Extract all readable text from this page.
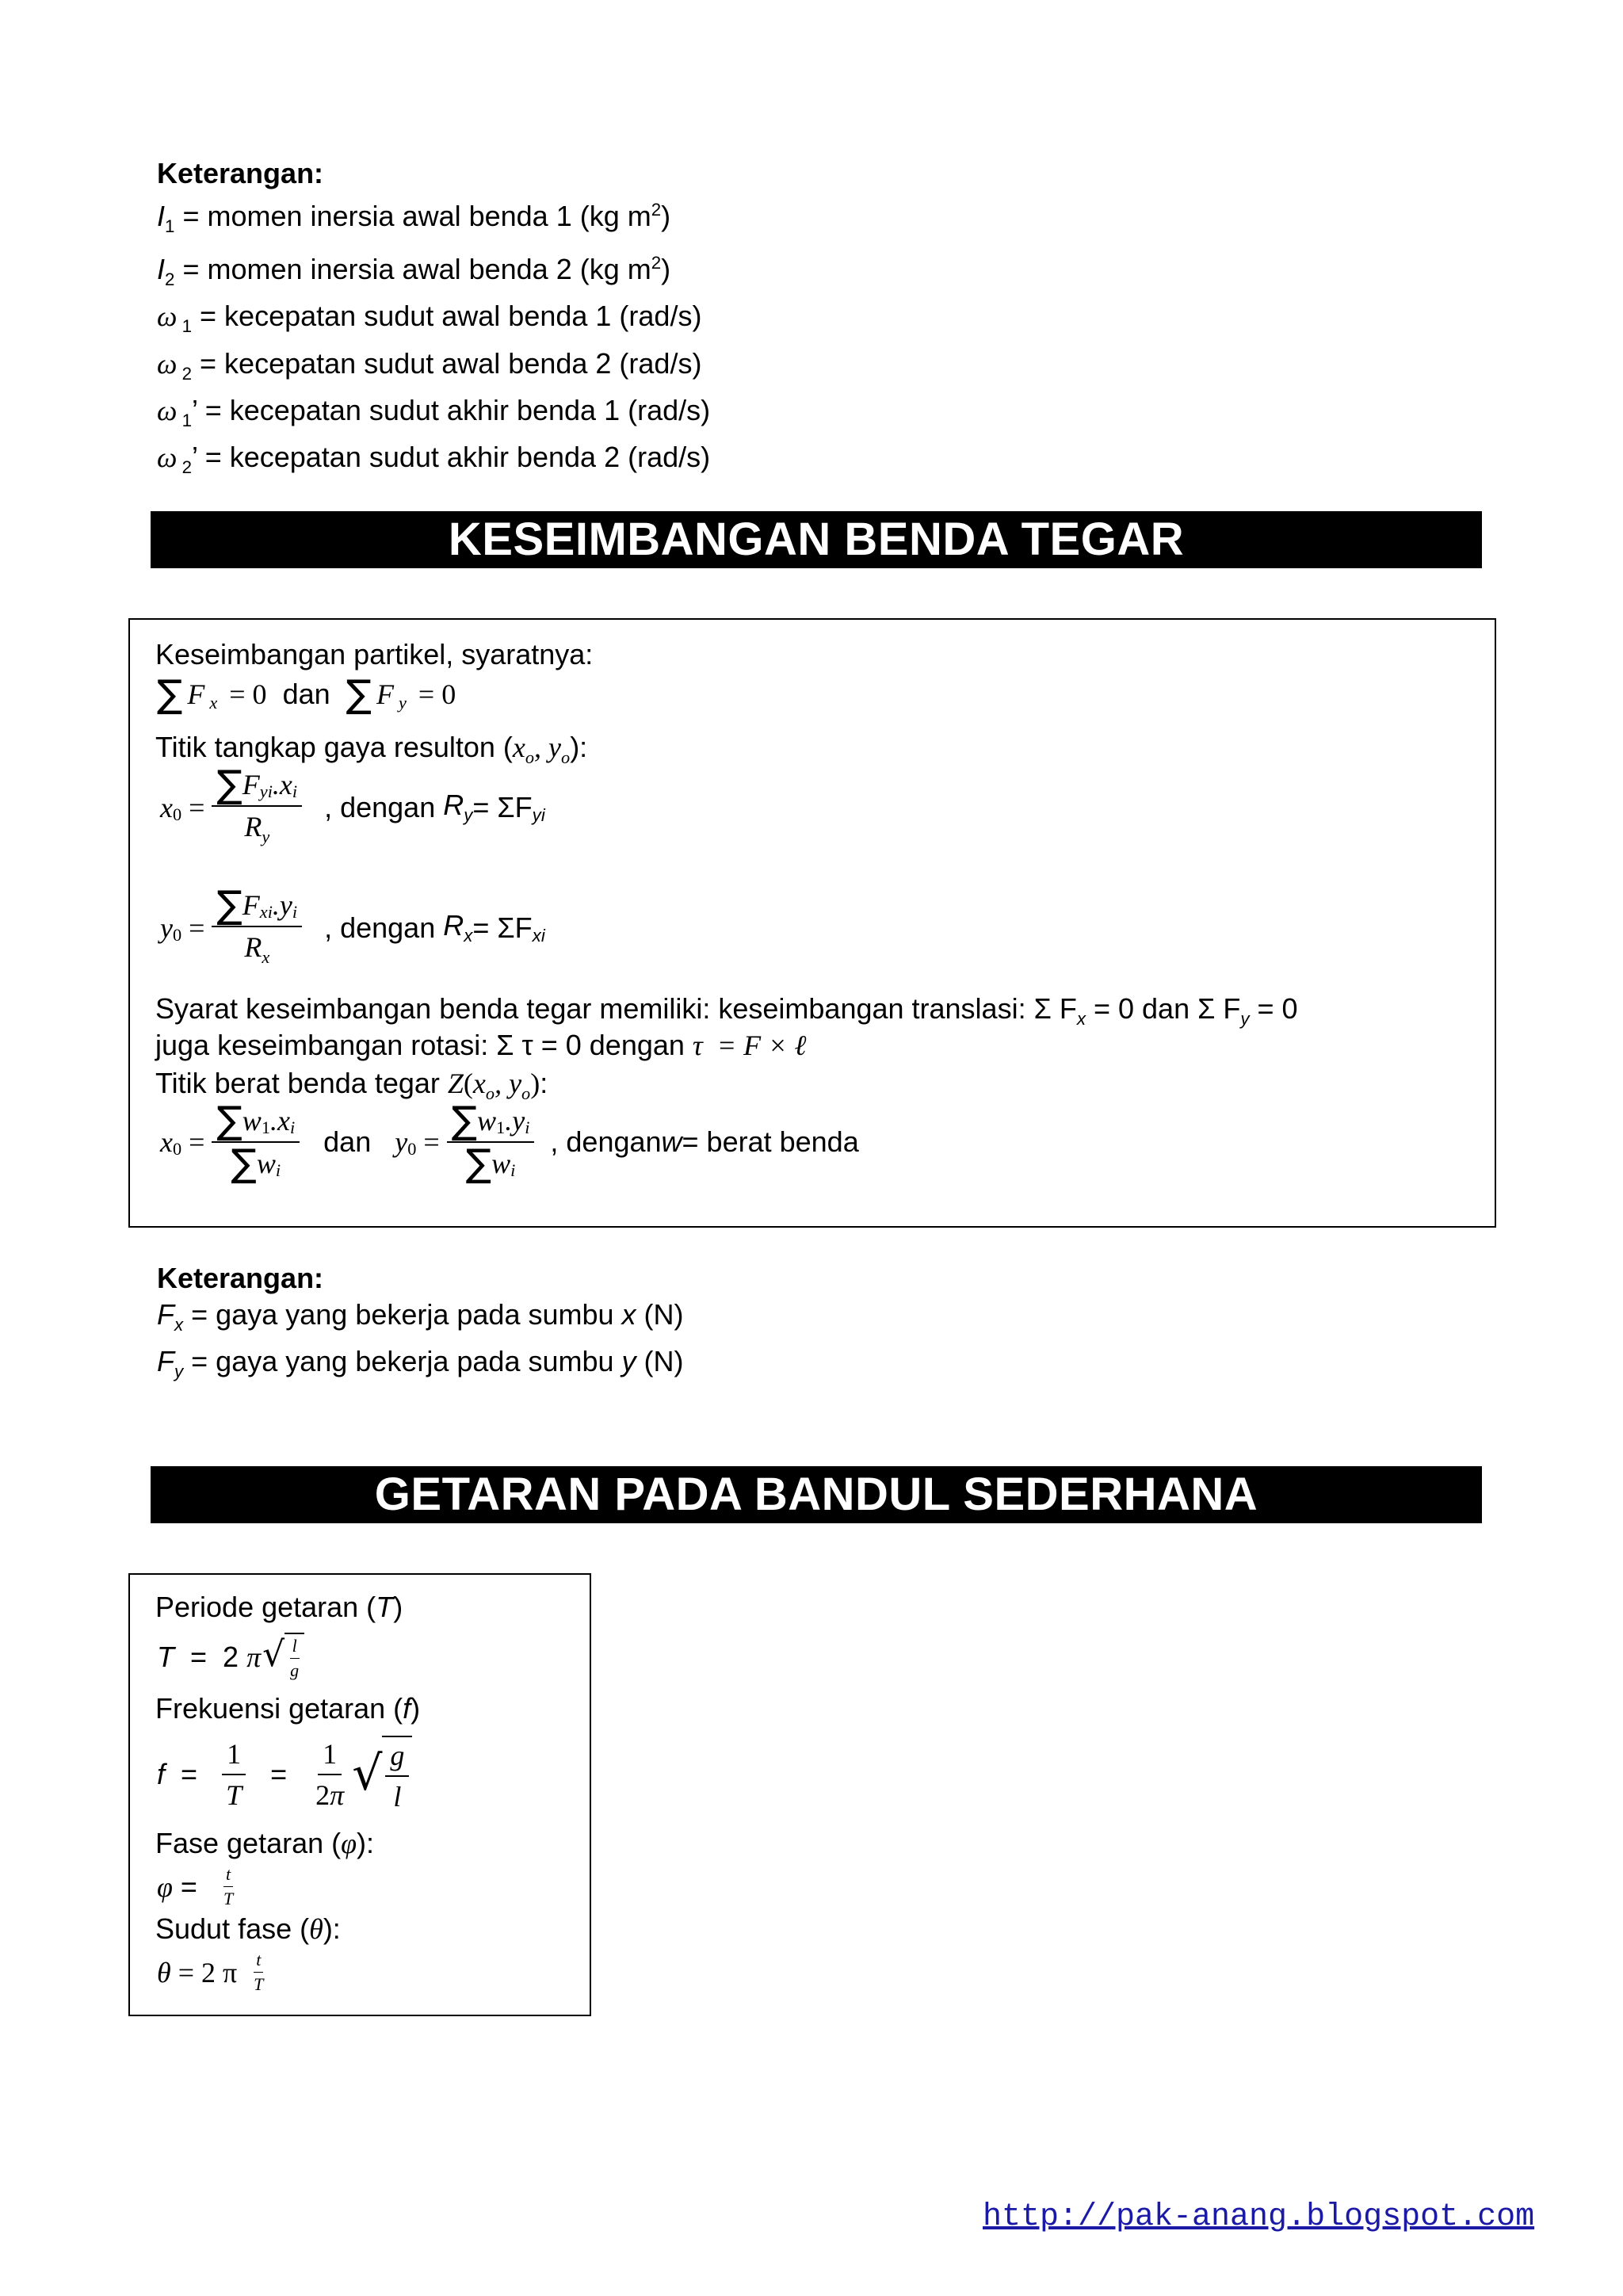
Keterangan:
$I_1$ = momen inersia awal benda 1 (kg $m^2$)
$I_2$ = momen inersia awal benda 2 (kg $m^2$)
ω $_1$ = kecepatan sudut awal benda 1 (rad/s)
ω $_2$ = kecepatan sudut awal benda 2 (rad/s)
ω $_1$’ = kecepatan sudut akhir benda 1 (rad/s)
ω $_2$’ = kecepatan sudut akhir benda 2 (rad/s)
KESEIMBANGAN BENDA TEGAR
Keseimbangan partikel, syaratnya:
∑ F $_x$ = 0 dan ∑ F $_y$ = 0
Titik tangkap gaya resulton ($x_o$, $y_o$):
$x_0 = \frac{\sum F_{yi} .x_i}{R_y}$ , dengan $R_y = \Sigma F$ $_{yi}$
$y_0 = \frac{\sum F_{xi} .y_i}{R_x}$ , dengan $R_x = \Sigma F$ $_{xi}$
Syarat keseimbangan benda tegar memiliki: keseimbangan translasi: Σ $F_x = 0$ dan Σ $F_y = 0$
juga keseimbangan rotasi: Σ τ = 0 dengan τ  = F × ℓ
Titik berat benda tegar $Z(x_o$, $y_o$):
$x_0 = \frac{\sum w_1 .x_i}{\sum w_i}$ dan $y_0 = \frac{\sum w_1 .y_i}{\sum w_i}$ , dengan w = berat benda
Keterangan:
$F_x$ = gaya yang bekerja pada sumbu x (N)
$F_y$ = gaya yang bekerja pada sumbu y (N)
GETARAN PADA BANDUL SEDERHANA
Periode getaran (T)
T =  2 π √ $\frac{l}{g}$
Frekuensi getaran (f)
$f = \frac{1}{T} = \frac{1}{2\pi}$ √ $\frac{g}{l}$
Fase getaran (φ):
$\varphi = \frac{t}{T}$
Sudut fase (θ):
θ = 2 π $\frac{t}{T}$
http://pak-anang.blogspot.com
